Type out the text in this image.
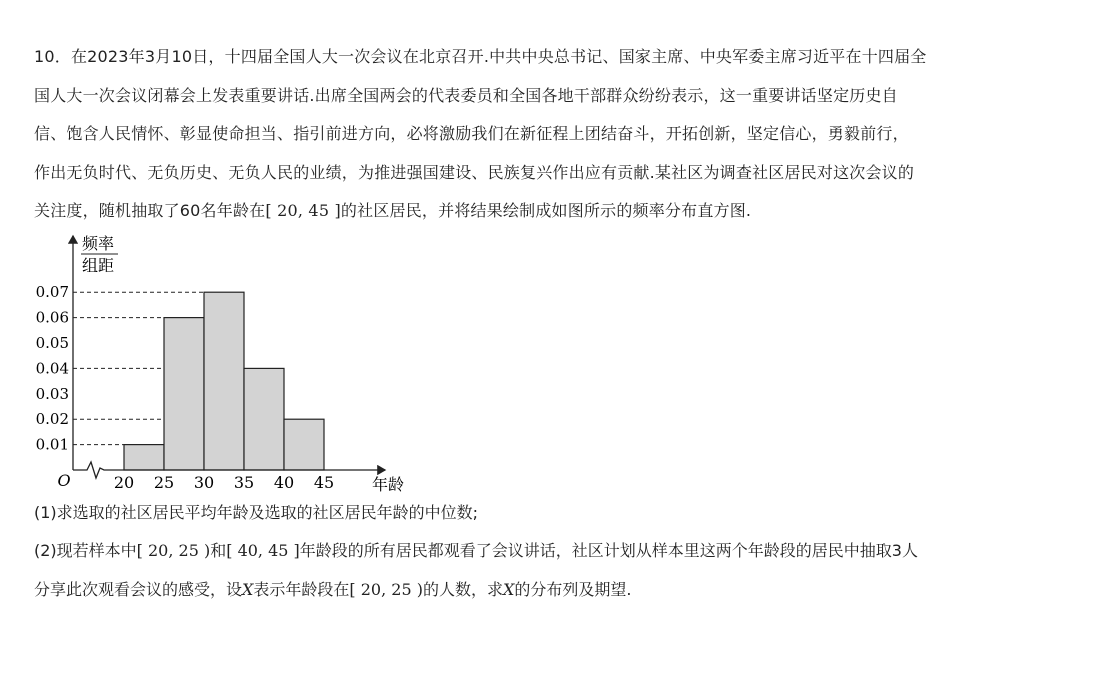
10．在2023年3月10日，十四届全国人大一次会议在北京召开.中共中央总书记、国家主席、中央军委主席习近平在十四届全
国人大一次会议闭幕会上发表重要讲话.出席全国两会的代表委员和全国各地干部群众纷纷表示，这一重要讲话坚定历史自
信、饱含人民情怀、彰显使命担当、指引前进方向，必将激励我们在新征程上团结奋斗，开拓创新，坚定信心，勇毅前行，
作出无负时代、无负历史、无负人民的业绩，为推进强国建设、民族复兴作出应有贡献.某社区为调查社区居民对这次会议的
关注度，随机抽取了60名年龄在[ 20, 45 ]的社区居民，并将结果绘制成如图所示的频率分布直方图.
0.01
0.02
0.03
0.04
0.05
0.06
0.07
20 25 30 35 40 45
O
频率
组距
年龄
(1)求选取的社区居民平均年龄及选取的社区居民年龄的中位数;
(2)现若样本中[ 20, 25 )和[ 40, 45 ]年龄段的所有居民都观看了会议讲话，社区计划从样本里这两个年龄段的居民中抽取3人
分享此次观看会议的感受，设X表示年龄段在[ 20, 25 )的人数，求X的分布列及期望.
